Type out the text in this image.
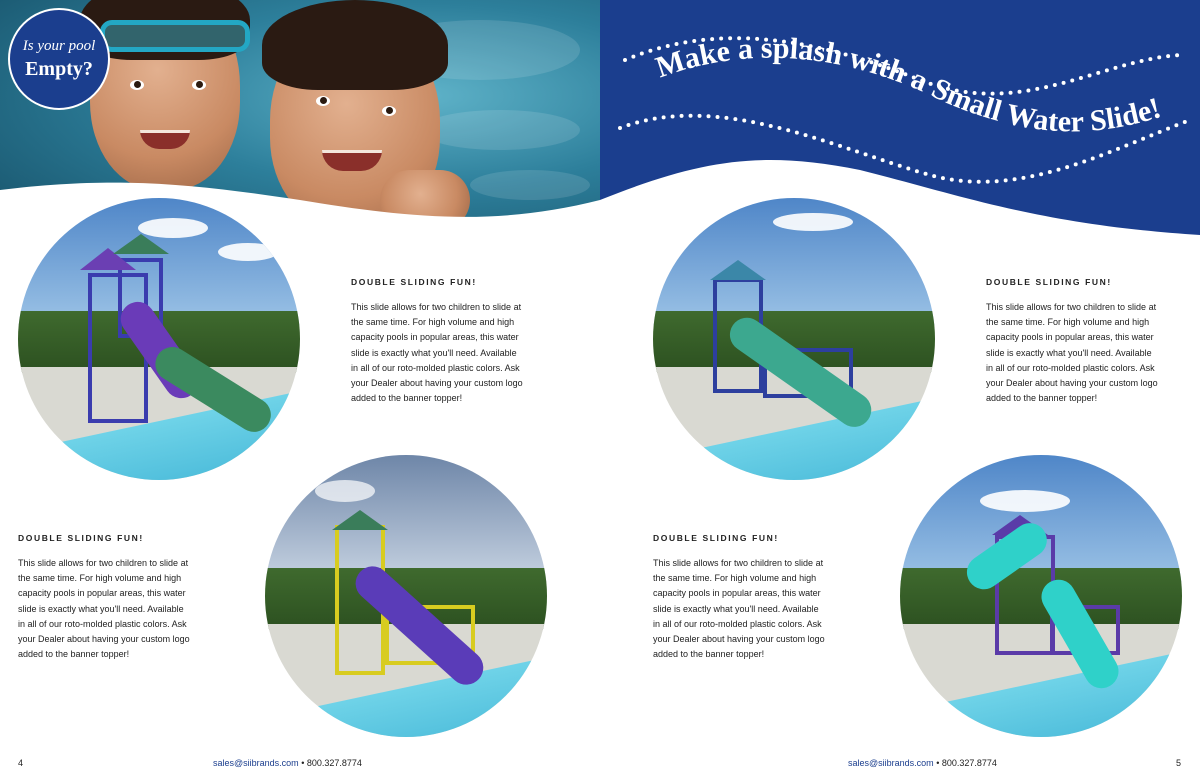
Is your pool
Empty?	Make a splash with a Small Water Slide!
DOUBLE SLIDING FUN!
This slide allows for two children to slide at
the same time. For high volume and high
capacity pools in popular areas, this water
slide is exactly what you'll need. Available
in all of our roto-molded plastic colors. Ask
your Dealer about having your custom logo
added to the banner topper!
DOUBLE SLIDING FUN!
This slide allows for two children to slide at
the same time. For high volume and high
capacity pools in popular areas, this water
slide is exactly what you'll need. Available
in all of our roto-molded plastic colors. Ask
your Dealer about having your custom logo
added to the banner topper!
DOUBLE SLIDING FUN!
This slide allows for two children to slide at
the same time. For high volume and high
capacity pools in popular areas, this water
slide is exactly what you'll need. Available
in all of our roto-molded plastic colors. Ask
your Dealer about having your custom logo
added to the banner topper!
DOUBLE SLIDING FUN!
This slide allows for two children to slide at
the same time. For high volume and high
capacity pools in popular areas, this water
slide is exactly what you'll need. Available
in all of our roto-molded plastic colors. Ask
your Dealer about having your custom logo
added to the banner topper!
4	sales@siibrands.com • 800.327.8774	sales@siibrands.com • 800.327.8774	5
